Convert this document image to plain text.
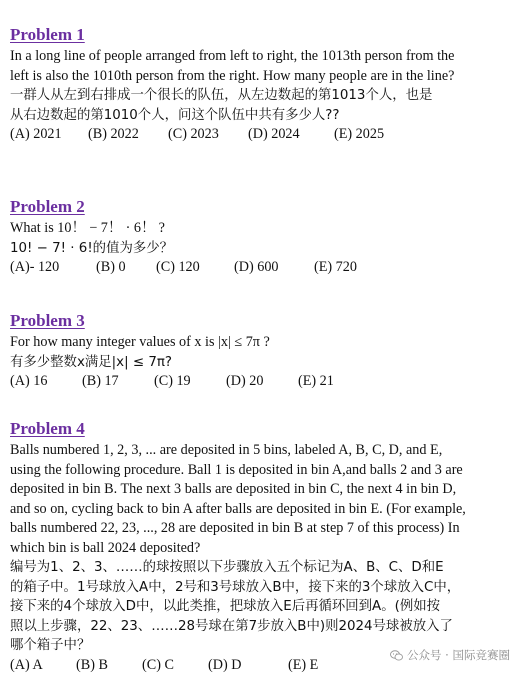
Problem 1
In a long line of people arranged from left to right, the 1013th person from the
left is also the 1010th person from the right. How many people are in the line?
一群人从左到右排成一个很长的队伍，从左边数起的第1013个人，也是
从右边数起的第1010个人，问这个队伍中共有多少人??
(A) 2021	(B) 2022	(C) 2023	(D) 2024	(E) 2025
Problem 2
What is 10！ − 7！ · 6！ ?
10! − 7! · 6!的值为多少？
(A)- 120	(B) 0	(C) 120	(D) 600	(E) 720
Problem 3
For how many integer values of x is |x| ≤ 7π ?
有多少整数x满足|x| ≤ 7π?
(A) 16	(B) 17	(C) 19	(D) 20	(E) 21
Problem 4
Balls numbered 1, 2, 3, ... are deposited in 5 bins, labeled A, B, C, D, and E,
using the following procedure. Ball 1 is deposited in bin A,and balls 2 and 3 are
deposited in bin B. The next 3 balls are deposited in bin C, the next 4 in bin D,
and so on, cycling back to bin A after balls are deposited in bin E. (For example,
balls numbered 22, 23, ..., 28 are deposited in bin B at step 7 of this process) In
which bin is ball 2024 deposited?
编号为1、2、3、……的球按照以下步骤放入五个标记为A、B、C、D和E
的箱子中。1号球放入A中，2号和3号球放入B中，接下来的3个球放入C中，
接下来的4个球放入D中，以此类推，把球放入E后再循环回到A。(例如按
照以上步骤，22、23、……28号球在第7步放入B中)则2024号球被放入了
哪个箱子中？
(A) A	(B) B	(C) C	(D) D	(E) E
公众号 · 国际竞赛圈
